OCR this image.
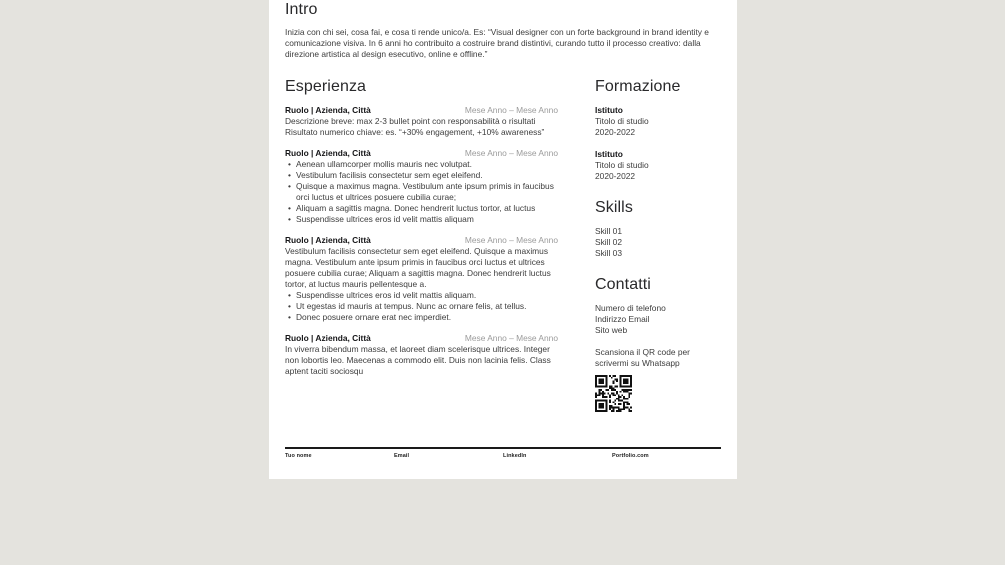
Intro

Inizia con chi sei, cosa fai, e cosa ti rende unico/a. Es: “Visual designer con un forte background in brand identity e comunicazione visiva. In 6 anni ho contribuito a costruire brand distintivi, curando tutto il processo creativo: dalla direzione artistica al design esecutivo, online e offline.”

Esperienza
Ruolo | Azienda, Città	Mese Anno – Mese Anno

Descrizione breve: max 2-3 bullet point con responsabilità o risultati

Risultato numerico chiave: es. “+30% engagement, +10% awareness”

Ruolo | Azienda, Città	Mese Anno – Mese Anno
• Aenean ullamcorper mollis mauris nec volutpat.
• Vestibulum facilisis consectetur sem eget eleifend.
• Quisque a maximus magna. Vestibulum ante ipsum primis in faucibus orci luctus et ultrices posuere cubilia curae;
• Aliquam a sagittis magna. Donec hendrerit luctus tortor, at luctus
• Suspendisse ultrices eros id velit mattis aliquam
Ruolo | Azienda, Città	Mese Anno – Mese Anno

Vestibulum facilisis consectetur sem eget eleifend. Quisque a maximus magna. Vestibulum ante ipsum primis in faucibus orci luctus et ultrices posuere cubilia curae; Aliquam a sagittis magna. Donec hendrerit luctus tortor, at luctus mauris pellentesque a.

• Suspendisse ultrices eros id velit mattis aliquam.
• Ut egestas id mauris at tempus. Nunc ac ornare felis, at tellus.
• Donec posuere ornare erat nec imperdiet.
Ruolo | Azienda, Città	Mese Anno – Mese Anno

In viverra bibendum massa, et laoreet diam scelerisque ultrices. Integer non lobortis leo. Maecenas a commodo elit. Duis non lacinia felis. Class aptent taciti sociosqu

Formazione
Istituto
Titolo di studio
2020-2022
Istituto
Titolo di studio
2020-2022
Skills
Skill 01
Skill 02
Skill 03
Contatti
Numero di telefono
Indirizzo Email
Sito web
Scansiona il QR code per scrivermi su Whatsapp
Tuo nome	Email	LinkedIn	Portfolio.com
